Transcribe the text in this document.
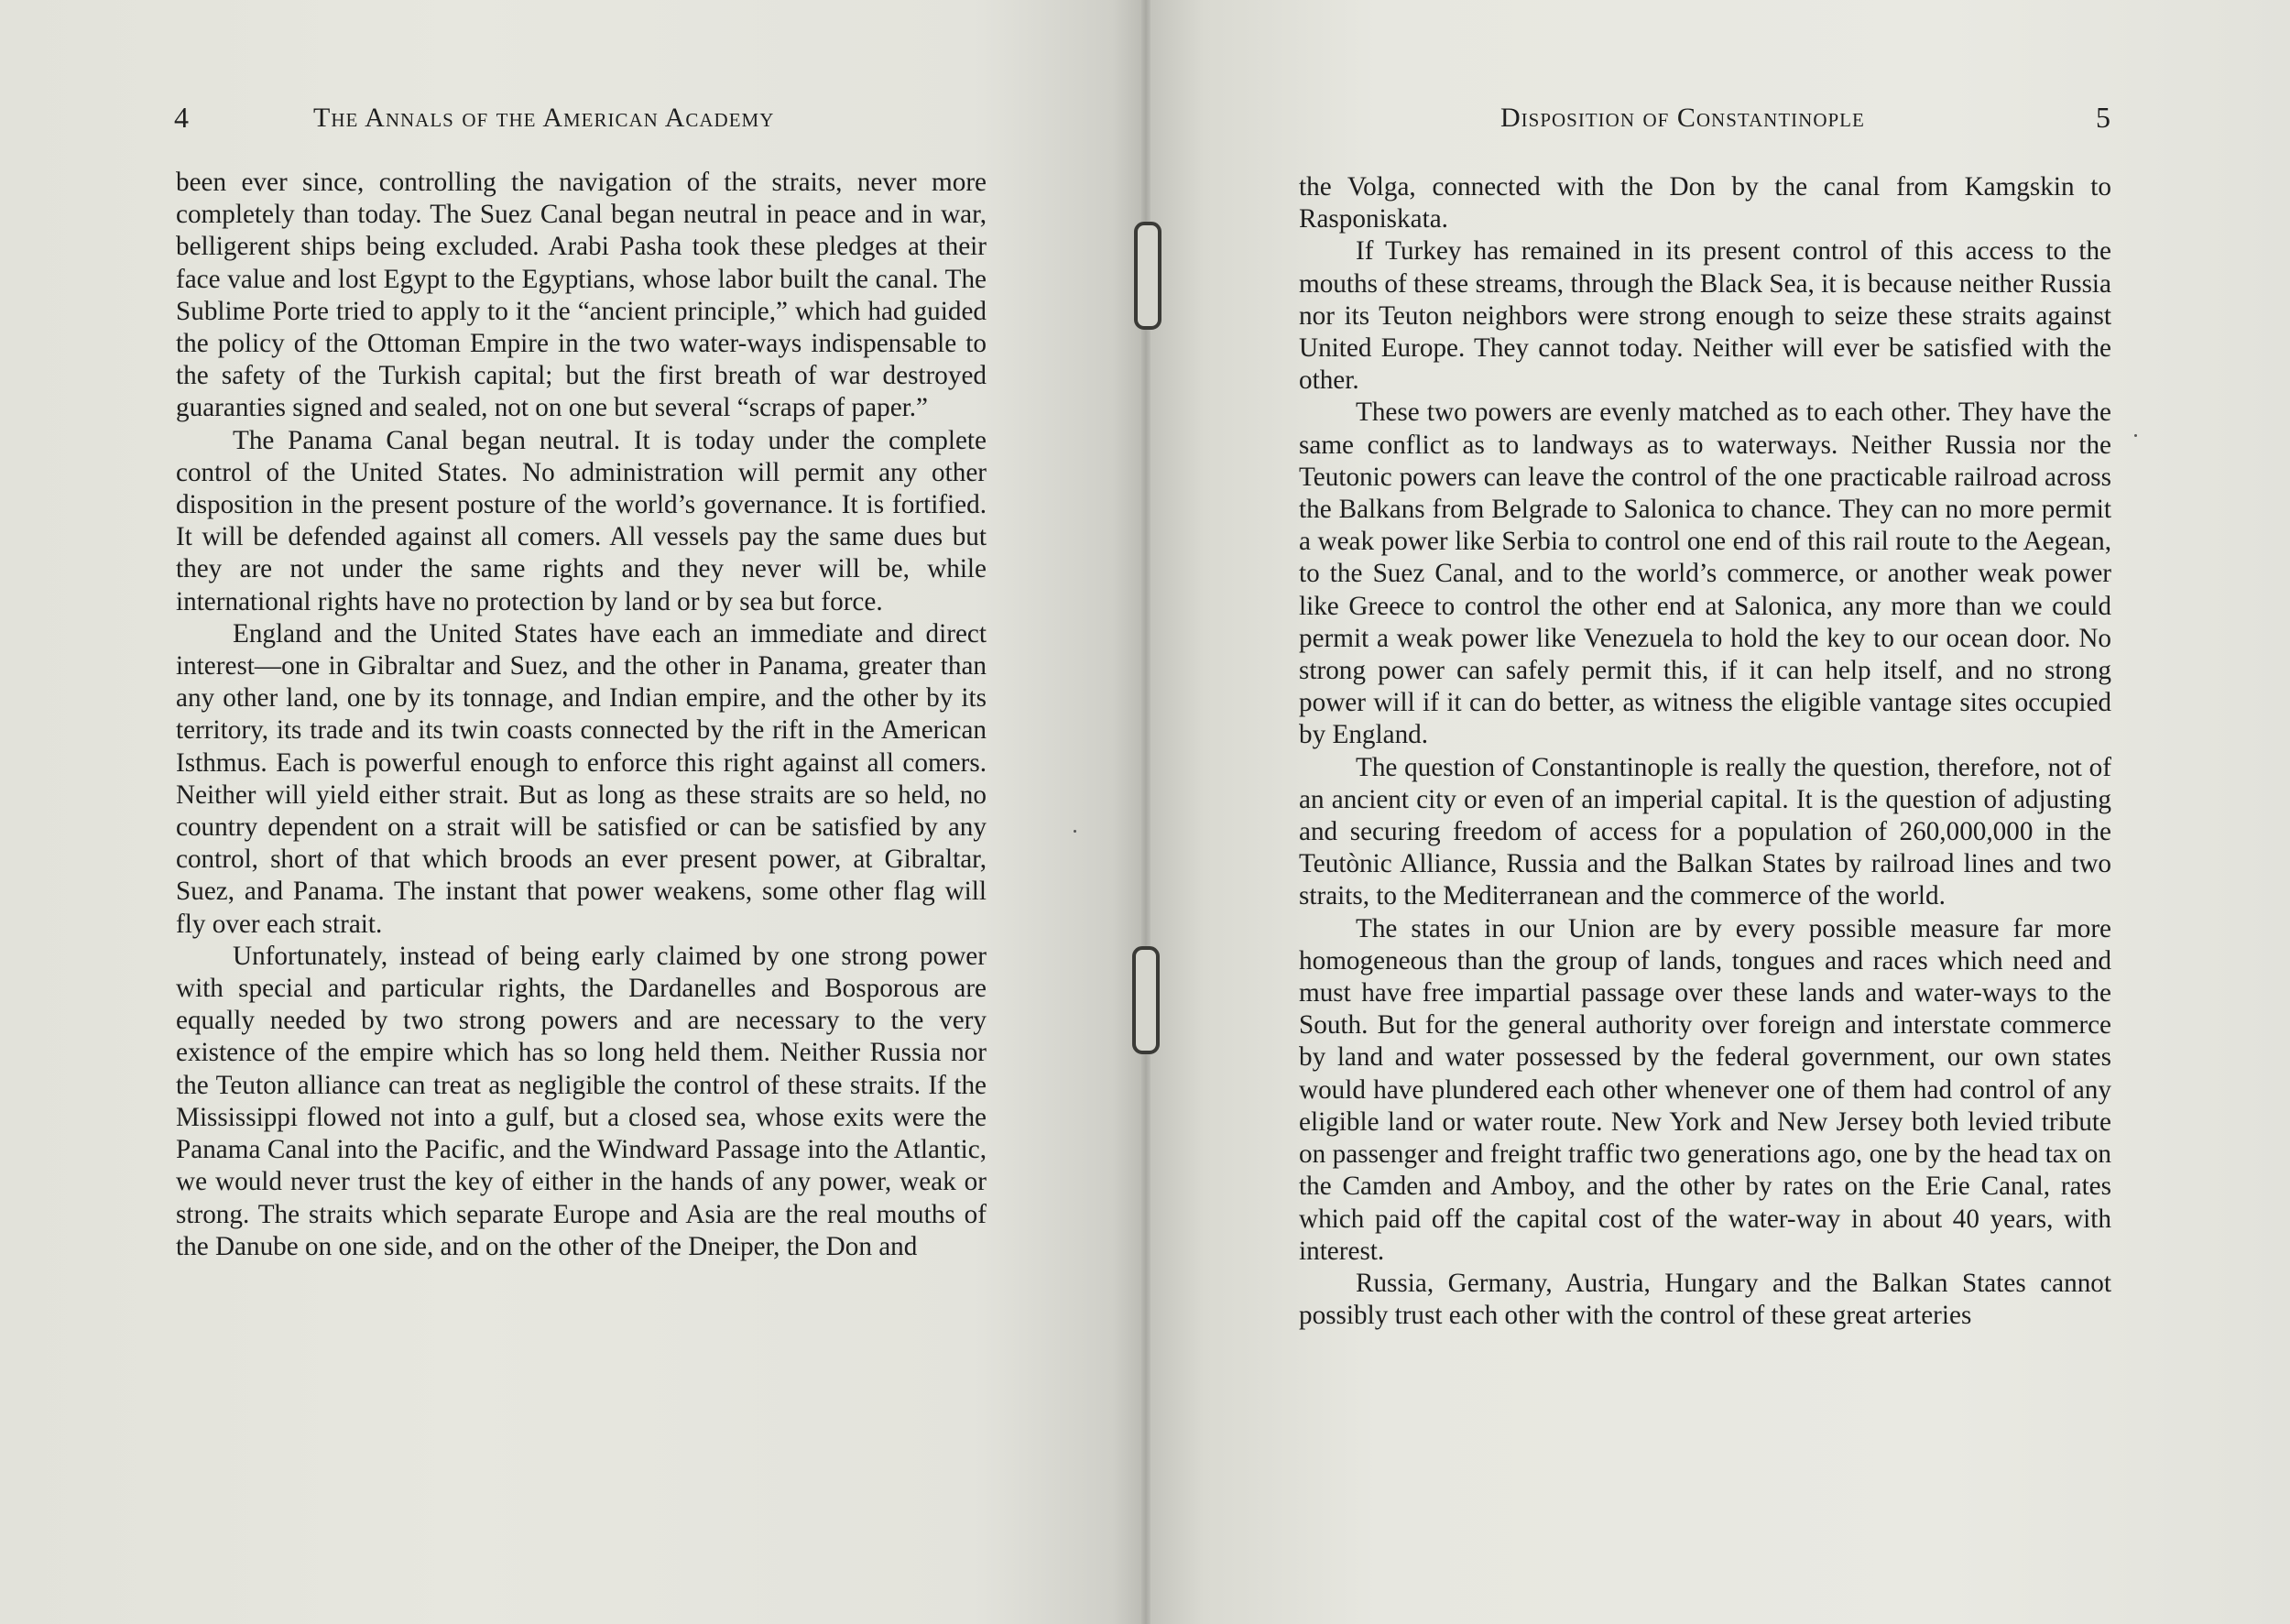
4	The Annals of the American Academy

been ever since, controlling the navigation of the straits, never more completely than today. The Suez Canal began neutral in peace and in war, belligerent ships being excluded. Arabi Pasha took these pledges at their face value and lost Egypt to the Egyptians, whose labor built the canal. The Sublime Porte tried to apply to it the “ancient principle,” which had guided the policy of the Ottoman Empire in the two water-ways indispensable to the safety of the Turkish capital; but the first breath of war destroyed guaranties signed and sealed, not on one but several “scraps of paper.”

The Panama Canal began neutral. It is today under the complete control of the United States. No administration will permit any other disposition in the present posture of the world’s governance. It is fortified. It will be defended against all comers. All vessels pay the same dues but they are not under the same rights and they never will be, while international rights have no protection by land or by sea but force.

England and the United States have each an immediate and direct interest—one in Gibraltar and Suez, and the other in Panama, greater than any other land, one by its tonnage, and Indian empire, and the other by its territory, its trade and its twin coasts connected by the rift in the American Isthmus. Each is powerful enough to enforce this right against all comers. Neither will yield either strait. But as long as these straits are so held, no country dependent on a strait will be satisfied or can be satisfied by any control, short of that which broods an ever present power, at Gibraltar, Suez, and Panama. The instant that power weakens, some other flag will fly over each strait.

Unfortunately, instead of being early claimed by one strong power with special and particular rights, the Dardanelles and Bosporous are equally needed by two strong powers and are necessary to the very existence of the empire which has so long held them. Neither Russia nor the Teuton alliance can treat as negligible the control of these straits. If the Mississippi flowed not into a gulf, but a closed sea, whose exits were the Panama Canal into the Pacific, and the Windward Passage into the Atlantic, we would never trust the key of either in the hands of any power, weak or strong. The straits which separate Europe and Asia are the real mouths of the Danube on one side, and on the other of the Dneiper, the Don and

Disposition of Constantinople	5

the Volga, connected with the Don by the canal from Kamgskin to Rasponiskata.

If Turkey has remained in its present control of this access to the mouths of these streams, through the Black Sea, it is because neither Russia nor its Teuton neighbors were strong enough to seize these straits against United Europe. They cannot today. Neither will ever be satisfied with the other.

These two powers are evenly matched as to each other. They have the same conflict as to landways as to waterways. Neither Russia nor the Teutonic powers can leave the control of the one practicable railroad across the Balkans from Belgrade to Salonica to chance. They can no more permit a weak power like Serbia to control one end of this rail route to the Aegean, to the Suez Canal, and to the world’s commerce, or another weak power like Greece to control the other end at Salonica, any more than we could permit a weak power like Venezuela to hold the key to our ocean door. No strong power can safely permit this, if it can help itself, and no strong power will if it can do better, as witness the eligible vantage sites occupied by England.

The question of Constantinople is really the question, therefore, not of an ancient city or even of an imperial capital. It is the question of adjusting and securing freedom of access for a population of 260,000,000 in the Teutònic Alliance, Russia and the Balkan States by railroad lines and two straits, to the Mediterranean and the commerce of the world.

The states in our Union are by every possible measure far more homogeneous than the group of lands, tongues and races which need and must have free impartial passage over these lands and water-ways to the South. But for the general authority over foreign and interstate commerce by land and water possessed by the federal government, our own states would have plundered each other whenever one of them had control of any eligible land or water route. New York and New Jersey both levied tribute on passenger and freight traffic two generations ago, one by the head tax on the Camden and Amboy, and the other by rates on the Erie Canal, rates which paid off the capital cost of the water-way in about 40 years, with interest.

Russia, Germany, Austria, Hungary and the Balkan States cannot possibly trust each other with the control of these great arteries
